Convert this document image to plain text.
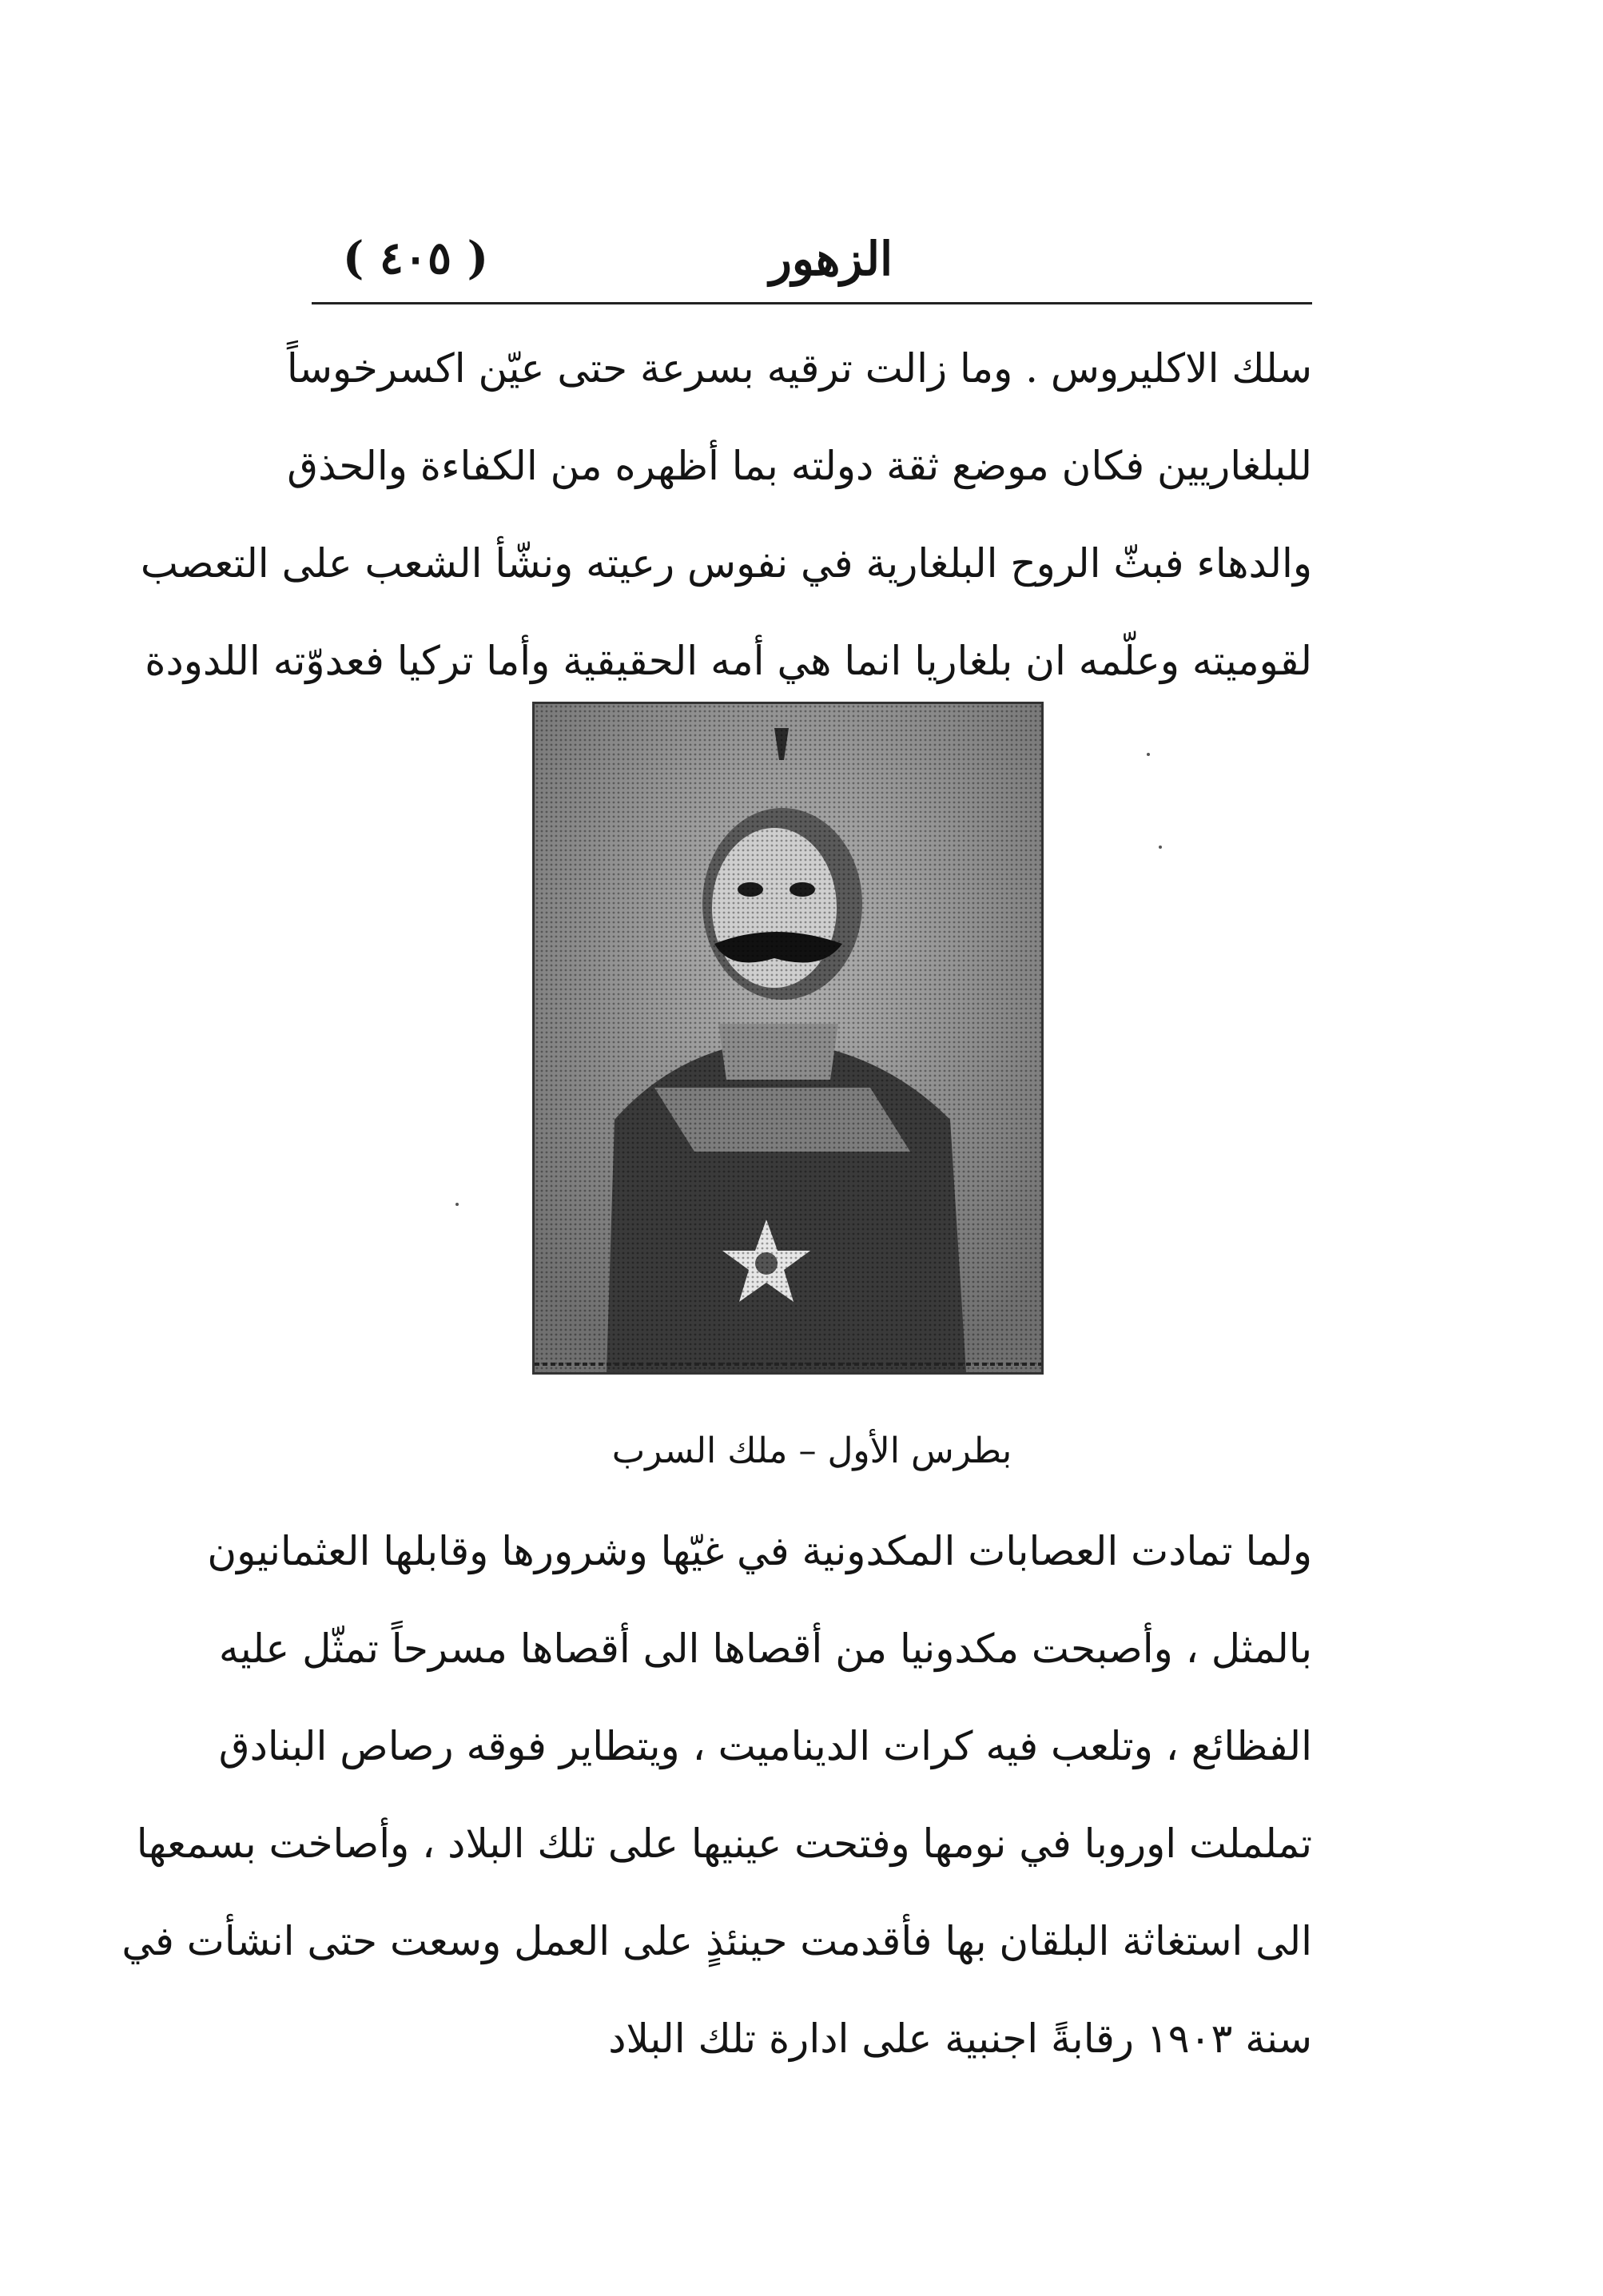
الزهور
( ٤٠٥ )
سلك الاكليروس . وما زالت ترقيه بسرعة حتى عيّن اكسرخوساً
للبلغاريين فكان موضع ثقة دولته بما أظهره من الكفاءة والحذق
والدهاء فبثّ الروح البلغارية في نفوس رعيته ونشّأ الشعب على التعصب
لقوميته وعلّمه ان بلغاريا انما هي أمه الحقيقية وأما تركيا فعدوّته اللدودة
بطرس الأول – ملك السرب
ولما تمادت العصابات المكدونية في غيّها وشرورها وقابلها العثمانيون
بالمثل ، وأصبحت مكدونيا من أقصاها الى أقصاها مسرحاً تمثّل عليه
الفظائع ، وتلعب فيه كرات الديناميت ، ويتطاير فوقه رصاص البنادق
تململت اوروبا في نومها وفتحت عينيها على تلك البلاد ، وأصاخت بسمعها
الى استغاثة البلقان بها فأقدمت حينئذٍ على العمل وسعت حتى انشأت في
سنة ١٩٠٣ رقابةً اجنبية على ادارة تلك البلاد
